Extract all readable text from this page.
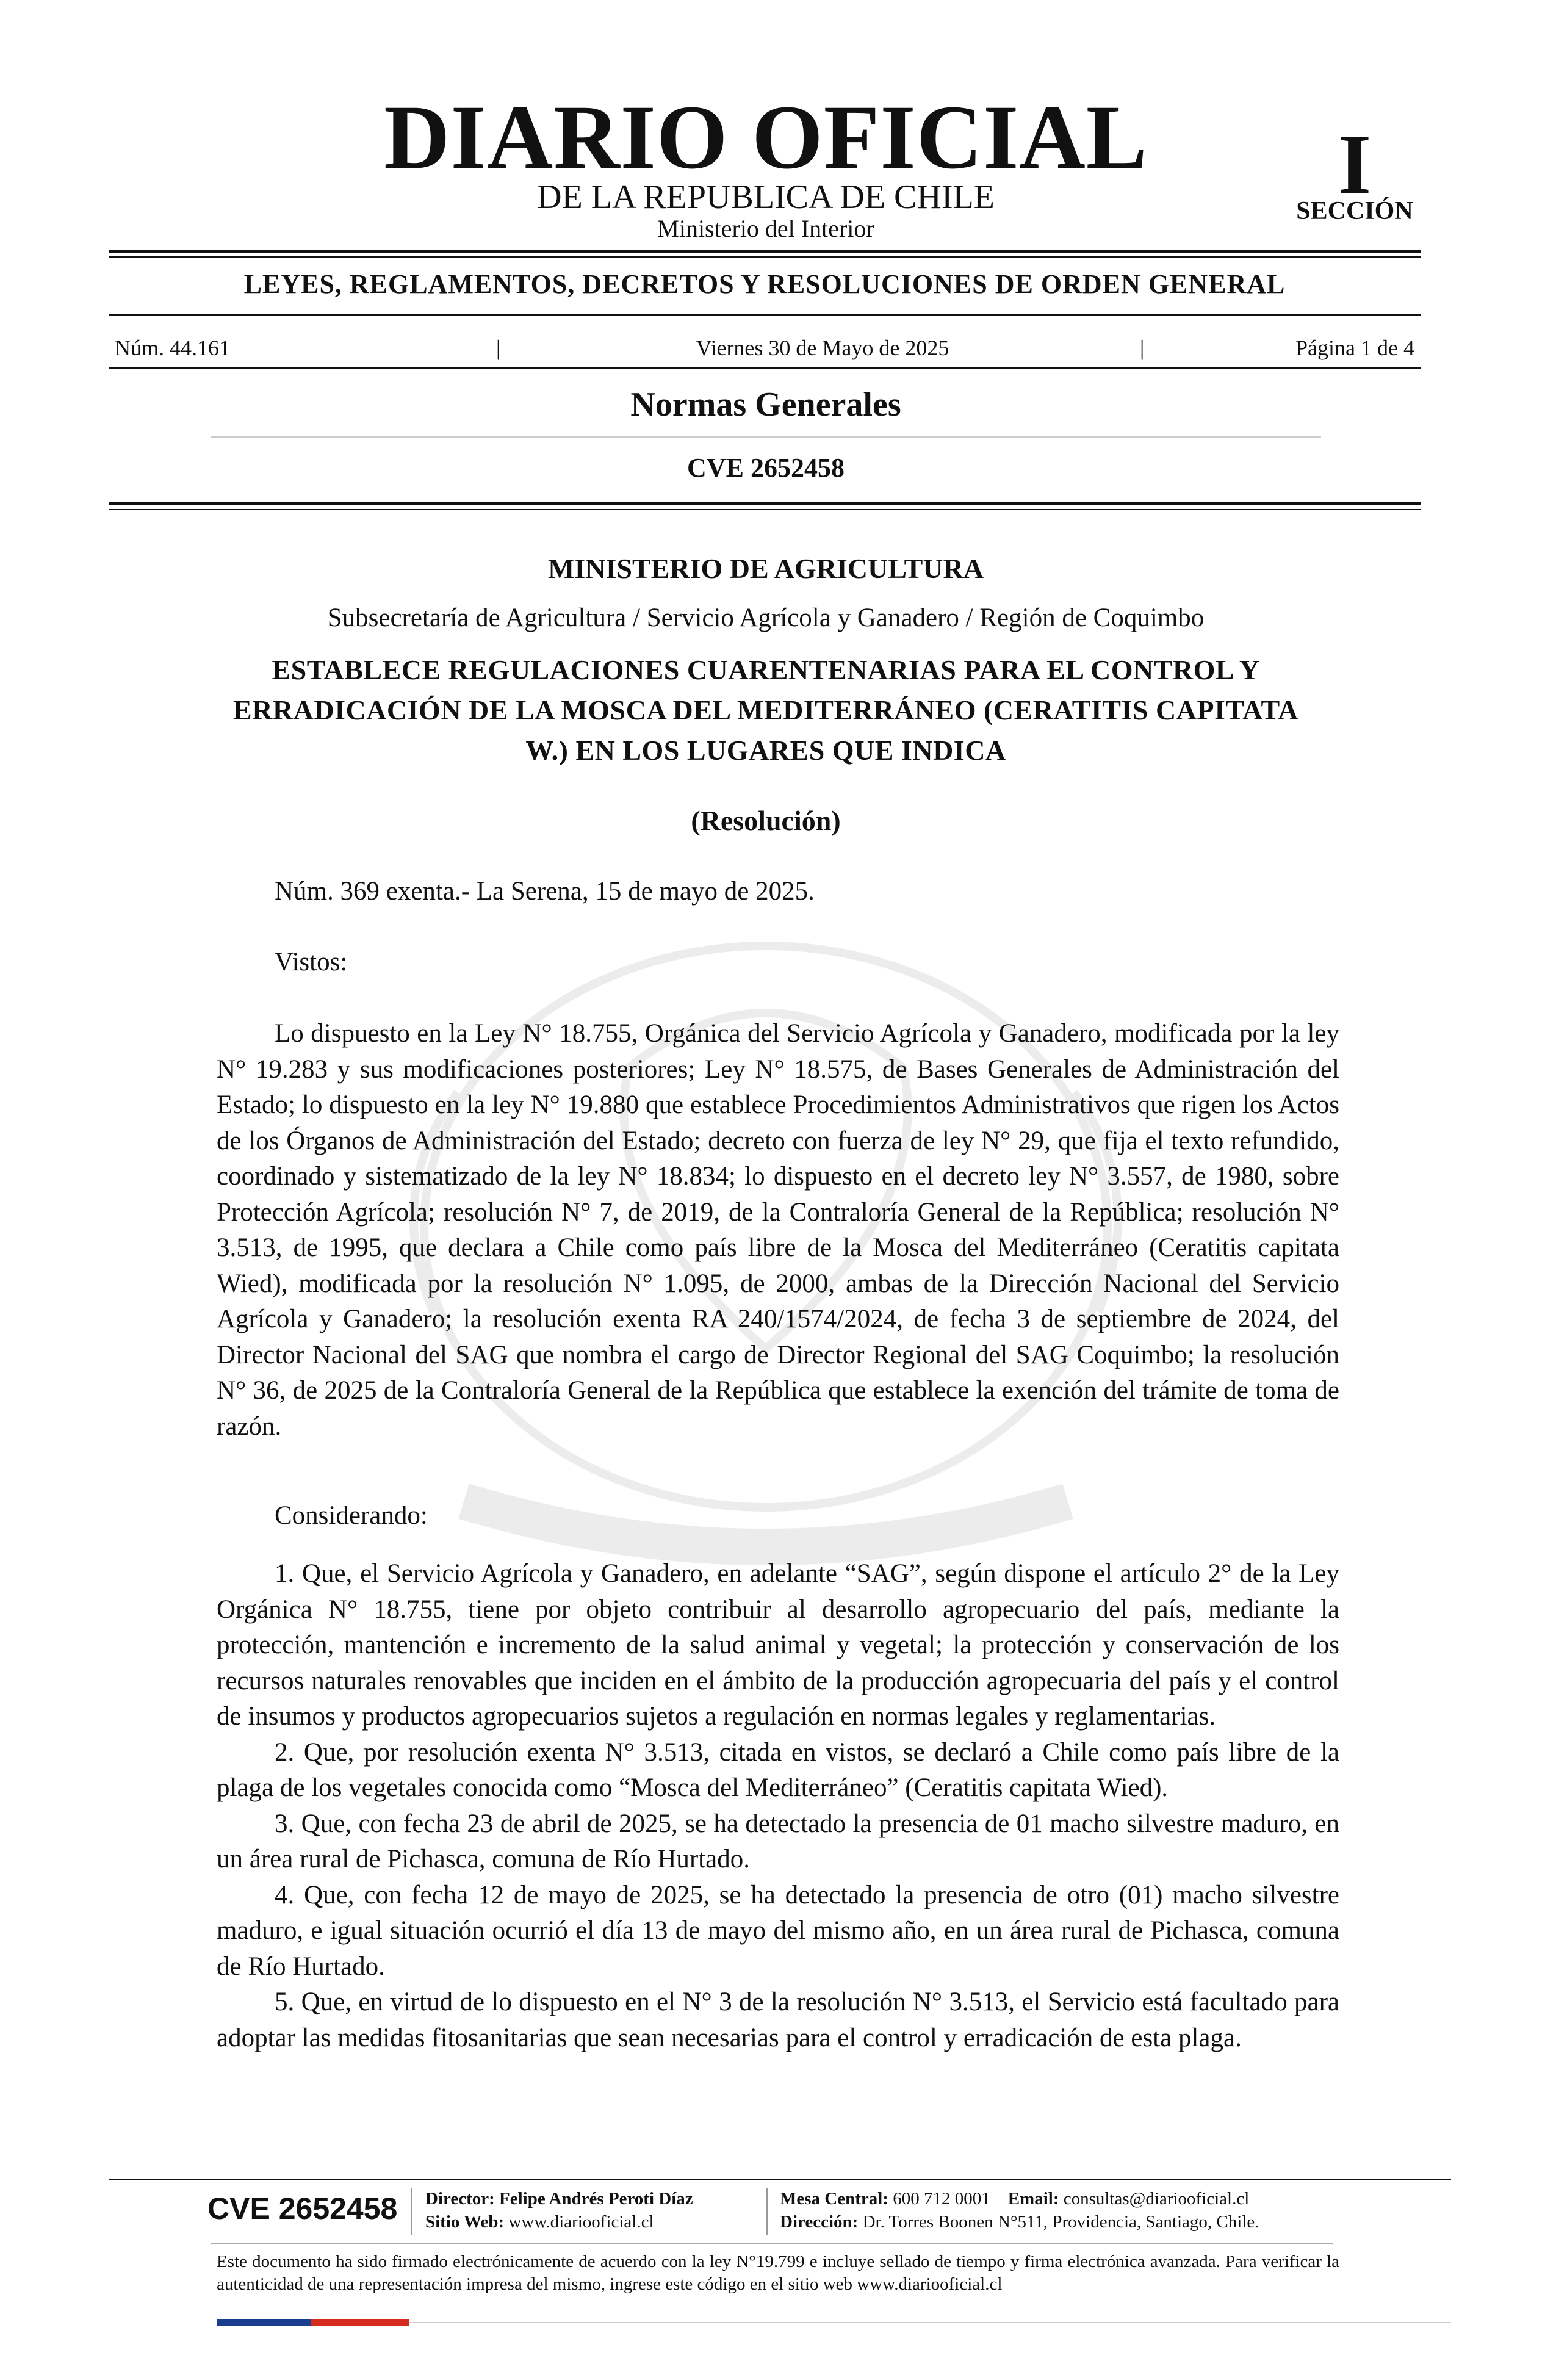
DIARIO OFICIAL
DE LA REPUBLICA DE CHILE
Ministerio del Interior
I
SECCIÓN
LEYES, REGLAMENTOS, DECRETOS Y RESOLUCIONES DE ORDEN GENERAL
Núm. 44.161	|	Viernes 30 de Mayo de 2025	|	Página 1 de 4
Normas Generales
CVE 2652458
MINISTERIO DE AGRICULTURA
Subsecretaría de Agricultura / Servicio Agrícola y Ganadero / Región de Coquimbo
ESTABLECE REGULACIONES CUARENTENARIAS PARA EL CONTROL Y ERRADICACIÓN DE LA MOSCA DEL MEDITERRÁNEO (CERATITIS CAPITATA W.) EN LOS LUGARES QUE INDICA
(Resolución)
Núm. 369 exenta.- La Serena, 15 de mayo de 2025.
Vistos:

Lo dispuesto en la Ley N° 18.755, Orgánica del Servicio Agrícola y Ganadero, modificada por la ley N° 19.283 y sus modificaciones posteriores; Ley N° 18.575, de Bases Generales de Administración del Estado; lo dispuesto en la ley N° 19.880 que establece Procedimientos Administrativos que rigen los Actos de los Órganos de Administración del Estado; decreto con fuerza de ley N° 29, que fija el texto refundido, coordinado y sistematizado de la ley N° 18.834; lo dispuesto en el decreto ley N° 3.557, de 1980, sobre Protección Agrícola; resolución N° 7, de 2019, de la Contraloría General de la República; resolución N° 3.513, de 1995, que declara a Chile como país libre de la Mosca del Mediterráneo (Ceratitis capitata Wied), modificada por la resolución N° 1.095, de 2000, ambas de la Dirección Nacional del Servicio Agrícola y Ganadero; la resolución exenta RA 240/1574/2024, de fecha 3 de septiembre de 2024, del Director Nacional del SAG que nombra el cargo de Director Regional del SAG Coquimbo; la resolución N° 36, de 2025 de la Contraloría General de la República que establece la exención del trámite de toma de razón.

Considerando:

1. Que, el Servicio Agrícola y Ganadero, en adelante “SAG”, según dispone el artículo 2° de la Ley Orgánica N° 18.755, tiene por objeto contribuir al desarrollo agropecuario del país, mediante la protección, mantención e incremento de la salud animal y vegetal; la protección y conservación de los recursos naturales renovables que inciden en el ámbito de la producción agropecuaria del país y el control de insumos y productos agropecuarios sujetos a regulación en normas legales y reglamentarias.

2. Que, por resolución exenta N° 3.513, citada en vistos, se declaró a Chile como país libre de la plaga de los vegetales conocida como “Mosca del Mediterráneo” (Ceratitis capitata Wied).

3. Que, con fecha 23 de abril de 2025, se ha detectado la presencia de 01 macho silvestre maduro, en un área rural de Pichasca, comuna de Río Hurtado.

4. Que, con fecha 12 de mayo de 2025, se ha detectado la presencia de otro (01) macho silvestre maduro, e igual situación ocurrió el día 13 de mayo del mismo año, en un área rural de Pichasca, comuna de Río Hurtado.

5. Que, en virtud de lo dispuesto en el N° 3 de la resolución N° 3.513, el Servicio está facultado para adoptar las medidas fitosanitarias que sean necesarias para el control y erradicación de esta plaga.

CVE 2652458 Director: Felipe Andrés Peroti Díaz
Sitio Web: www.diariooficial.cl
Mesa Central: 600 712 0001 Email: consultas@diariooficial.cl
Dirección: Dr. Torres Boonen N°511, Providencia, Santiago, Chile.
Este documento ha sido firmado electrónicamente de acuerdo con la ley N°19.799 e incluye sellado de tiempo y firma electrónica avanzada. Para verificar la autenticidad de una representación impresa del mismo, ingrese este código en el sitio web www.diariooficial.cl
